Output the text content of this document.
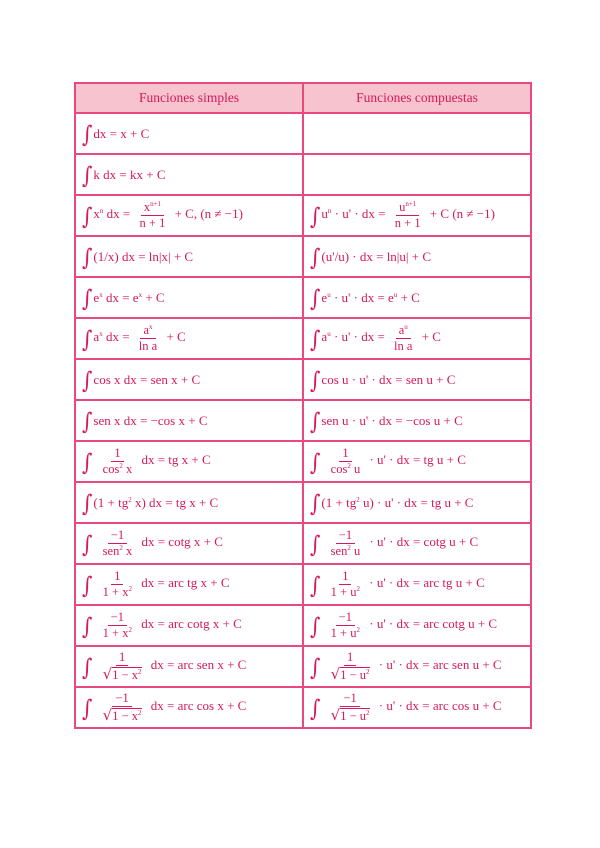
Funciones simples	Funciones compuestas
∫dx = x + C	
∫k dx = kx + C	
$\int x^n$ dx = $\frac{x^{n+1}}{n + 1} + C$, (n ≠ −1)	$\int u^n \cdot u'$ · dx = $\frac{u^{n+1}}{n + 1} + C$ (n ≠ −1)
∫(1/x) dx = ln|x| + C	∫(u'/u) · dx = ln|u| + C
$\int e^x$ dx = $e^x + C$	$\int e^u \cdot u'$ · dx = $e^u + C$
$\int a^x$ dx = $\frac{a^x}{\text{ln a}} + C$	$\int a^u \cdot u'$ · dx = $\frac{a^u}{\text{ln a}} + C$
∫cos x dx = sen x + C	∫cos u · u' · dx = sen u + C
∫sen x dx = −cos x + C	∫sen u · u' · dx = −cos u + C
∫ $\frac{1}{\cos^2 x}$ dx = tg x + C	∫ $\frac{1}{\cos^2 u} \cdot u'$ · dx = tg u + C
$\int(1 + tg^2$ x) dx = tg x + C	$\int(1 + tg^2$ u) · u' · dx = tg u + C
∫ $\frac{-1}{sen^2 x}$ dx = cotg x + C	∫ $\frac{-1}{sen^2 u} \cdot u'$ · dx = cotg u + C
∫ $\frac{1}{1 + x^2}$ dx = arc tg x + C	∫ $\frac{1}{1 + u^2} \cdot u'$ · dx = arc tg u + C
∫ $\frac{-1}{1 + x^2}$ dx = arc cotg x + C	∫ $\frac{-1}{1 + u^2} \cdot u'$ · dx = arc cotg u + C
∫ $\frac{1}{√1 - x^2}$ dx = arc sen x + C	∫ $\frac{1}{√1 - u^2} \cdot u'$ · dx = arc sen u + C
∫ $\frac{-1}{√1 - x^2}$ dx = arc cos x + C	∫ $\frac{-1}{√1 - u^2} \cdot u'$ · dx = arc cos u + C
